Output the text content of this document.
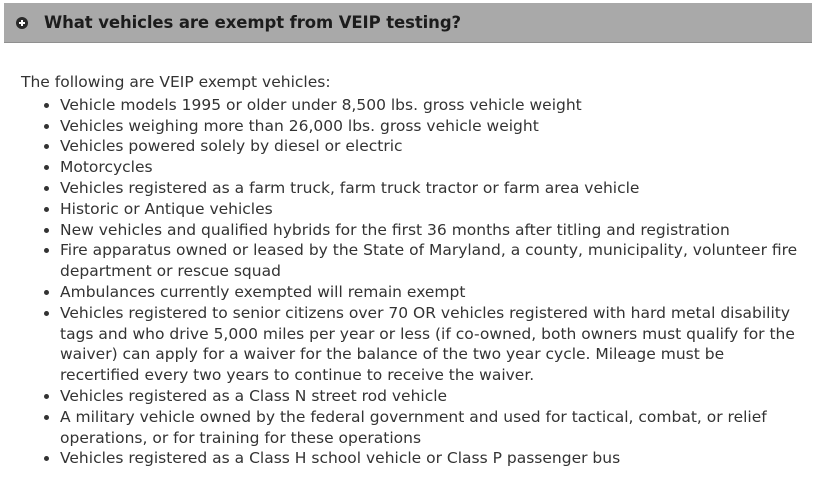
What vehicles are exempt from VEIP testing?

The following are VEIP exempt vehicles:

Vehicle models 1995 or older under 8,500 lbs. gross vehicle weight
Vehicles weighing more than 26,000 lbs. gross vehicle weight
Vehicles powered solely by diesel or electric
Motorcycles
Vehicles registered as a farm truck, farm truck tractor or farm area vehicle
Historic or Antique vehicles
New vehicles and qualified hybrids for the first 36 months after titling and registration
Fire apparatus owned or leased by the State of Maryland, a county, municipality, volunteer fire department or rescue squad
Ambulances currently exempted will remain exempt
Vehicles registered to senior citizens over 70 OR vehicles registered with hard metal disability tags and who drive 5,000 miles per year or less (if co-owned, both owners must qualify for the waiver) can apply for a waiver for the balance of the two year cycle. Mileage must be recertified every two years to continue to receive the waiver.
Vehicles registered as a Class N street rod vehicle
A military vehicle owned by the federal government and used for tactical, combat, or relief operations, or for training for these operations
Vehicles registered as a Class H school vehicle or Class P passenger bus
